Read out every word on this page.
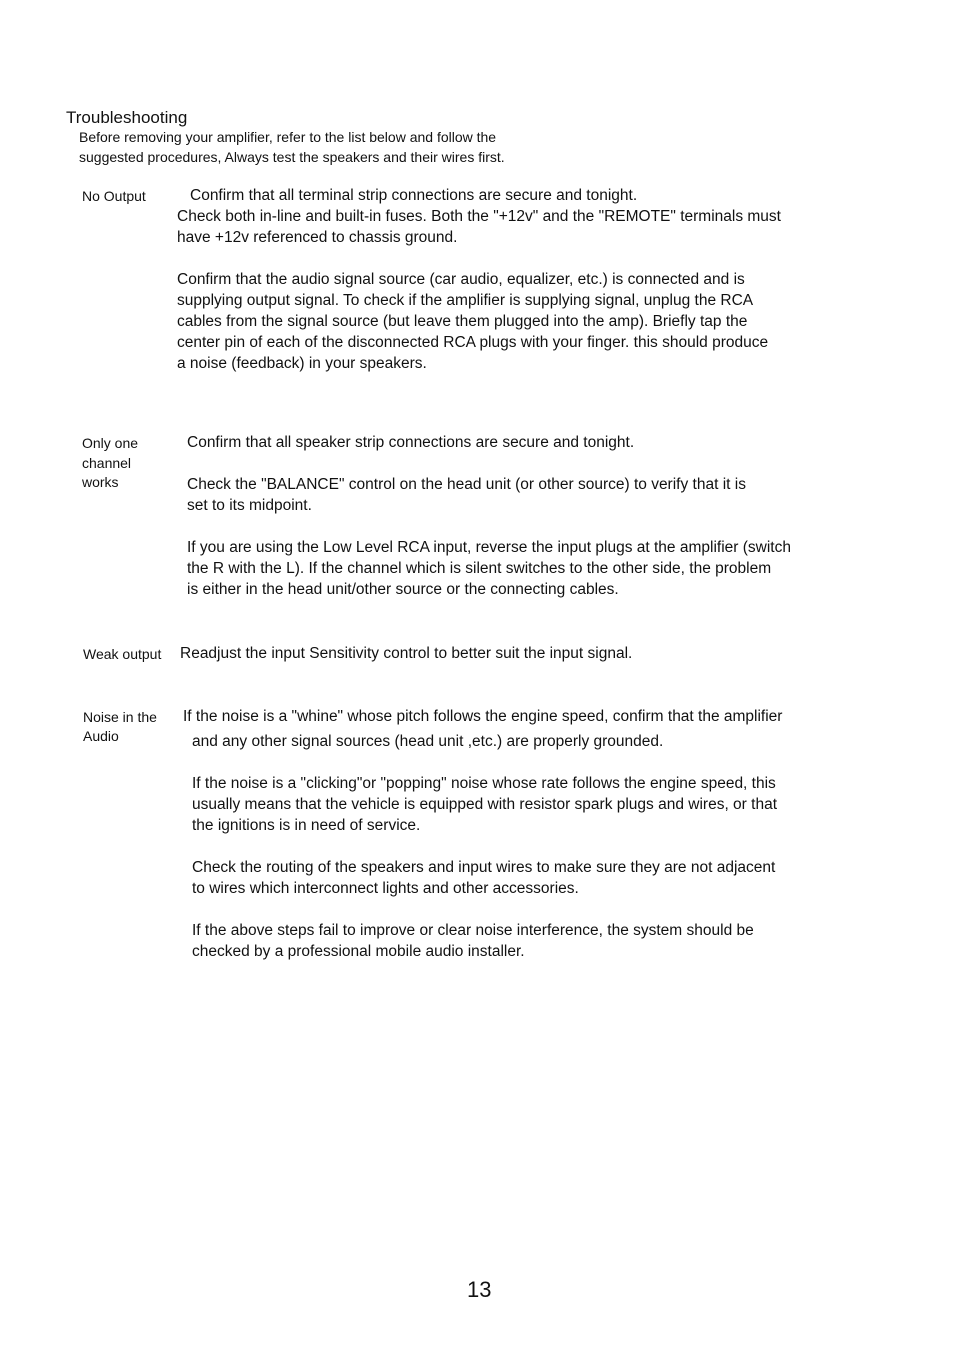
Troubleshooting
Before removing your amplifier, refer to the list below and follow the
suggested procedures, Always test the speakers and their wires first.
No Output	Confirm that all terminal strip connections are secure and tonight.
Check both in-line and built-in fuses. Both the "+12v" and the "REMOTE" terminals must
have +12v referenced to chassis ground.
Confirm that the audio signal source (car audio, equalizer, etc.) is connected and is
supplying output signal. To check if the amplifier is supplying signal, unplug the RCA
cables from the signal source (but leave them plugged into the amp). Briefly tap the
center pin of each of the disconnected RCA plugs with your finger. this should produce
a noise (feedback) in your speakers.
Only one
channel
works
Confirm that all speaker strip connections are secure and tonight.
Check the "BALANCE" control on the head unit (or other source) to verify that it is
set to its midpoint.
If you are using the Low Level RCA input, reverse the input plugs at the amplifier (switch
the R with the L). If the channel which is silent switches to the other side, the problem
is either in the head unit/other source or the connecting cables.
Weak output Readjust the input Sensitivity control to better suit the input signal.
Noise in the
Audio
If the noise is a "whine" whose pitch follows the engine speed, confirm that the amplifier
and any other signal sources (head unit ,etc.) are properly grounded.
If the noise is a "clicking"or "popping" noise whose rate follows the engine speed, this
usually means that the vehicle is equipped with resistor spark plugs and wires, or that
the ignitions is in need of service.
Check the routing of the speakers and input wires to make sure they are not adjacent
to wires which interconnect lights and other accessories.
If the above steps fail to improve or clear noise interference, the system should be
checked by a professional mobile audio installer.
13
